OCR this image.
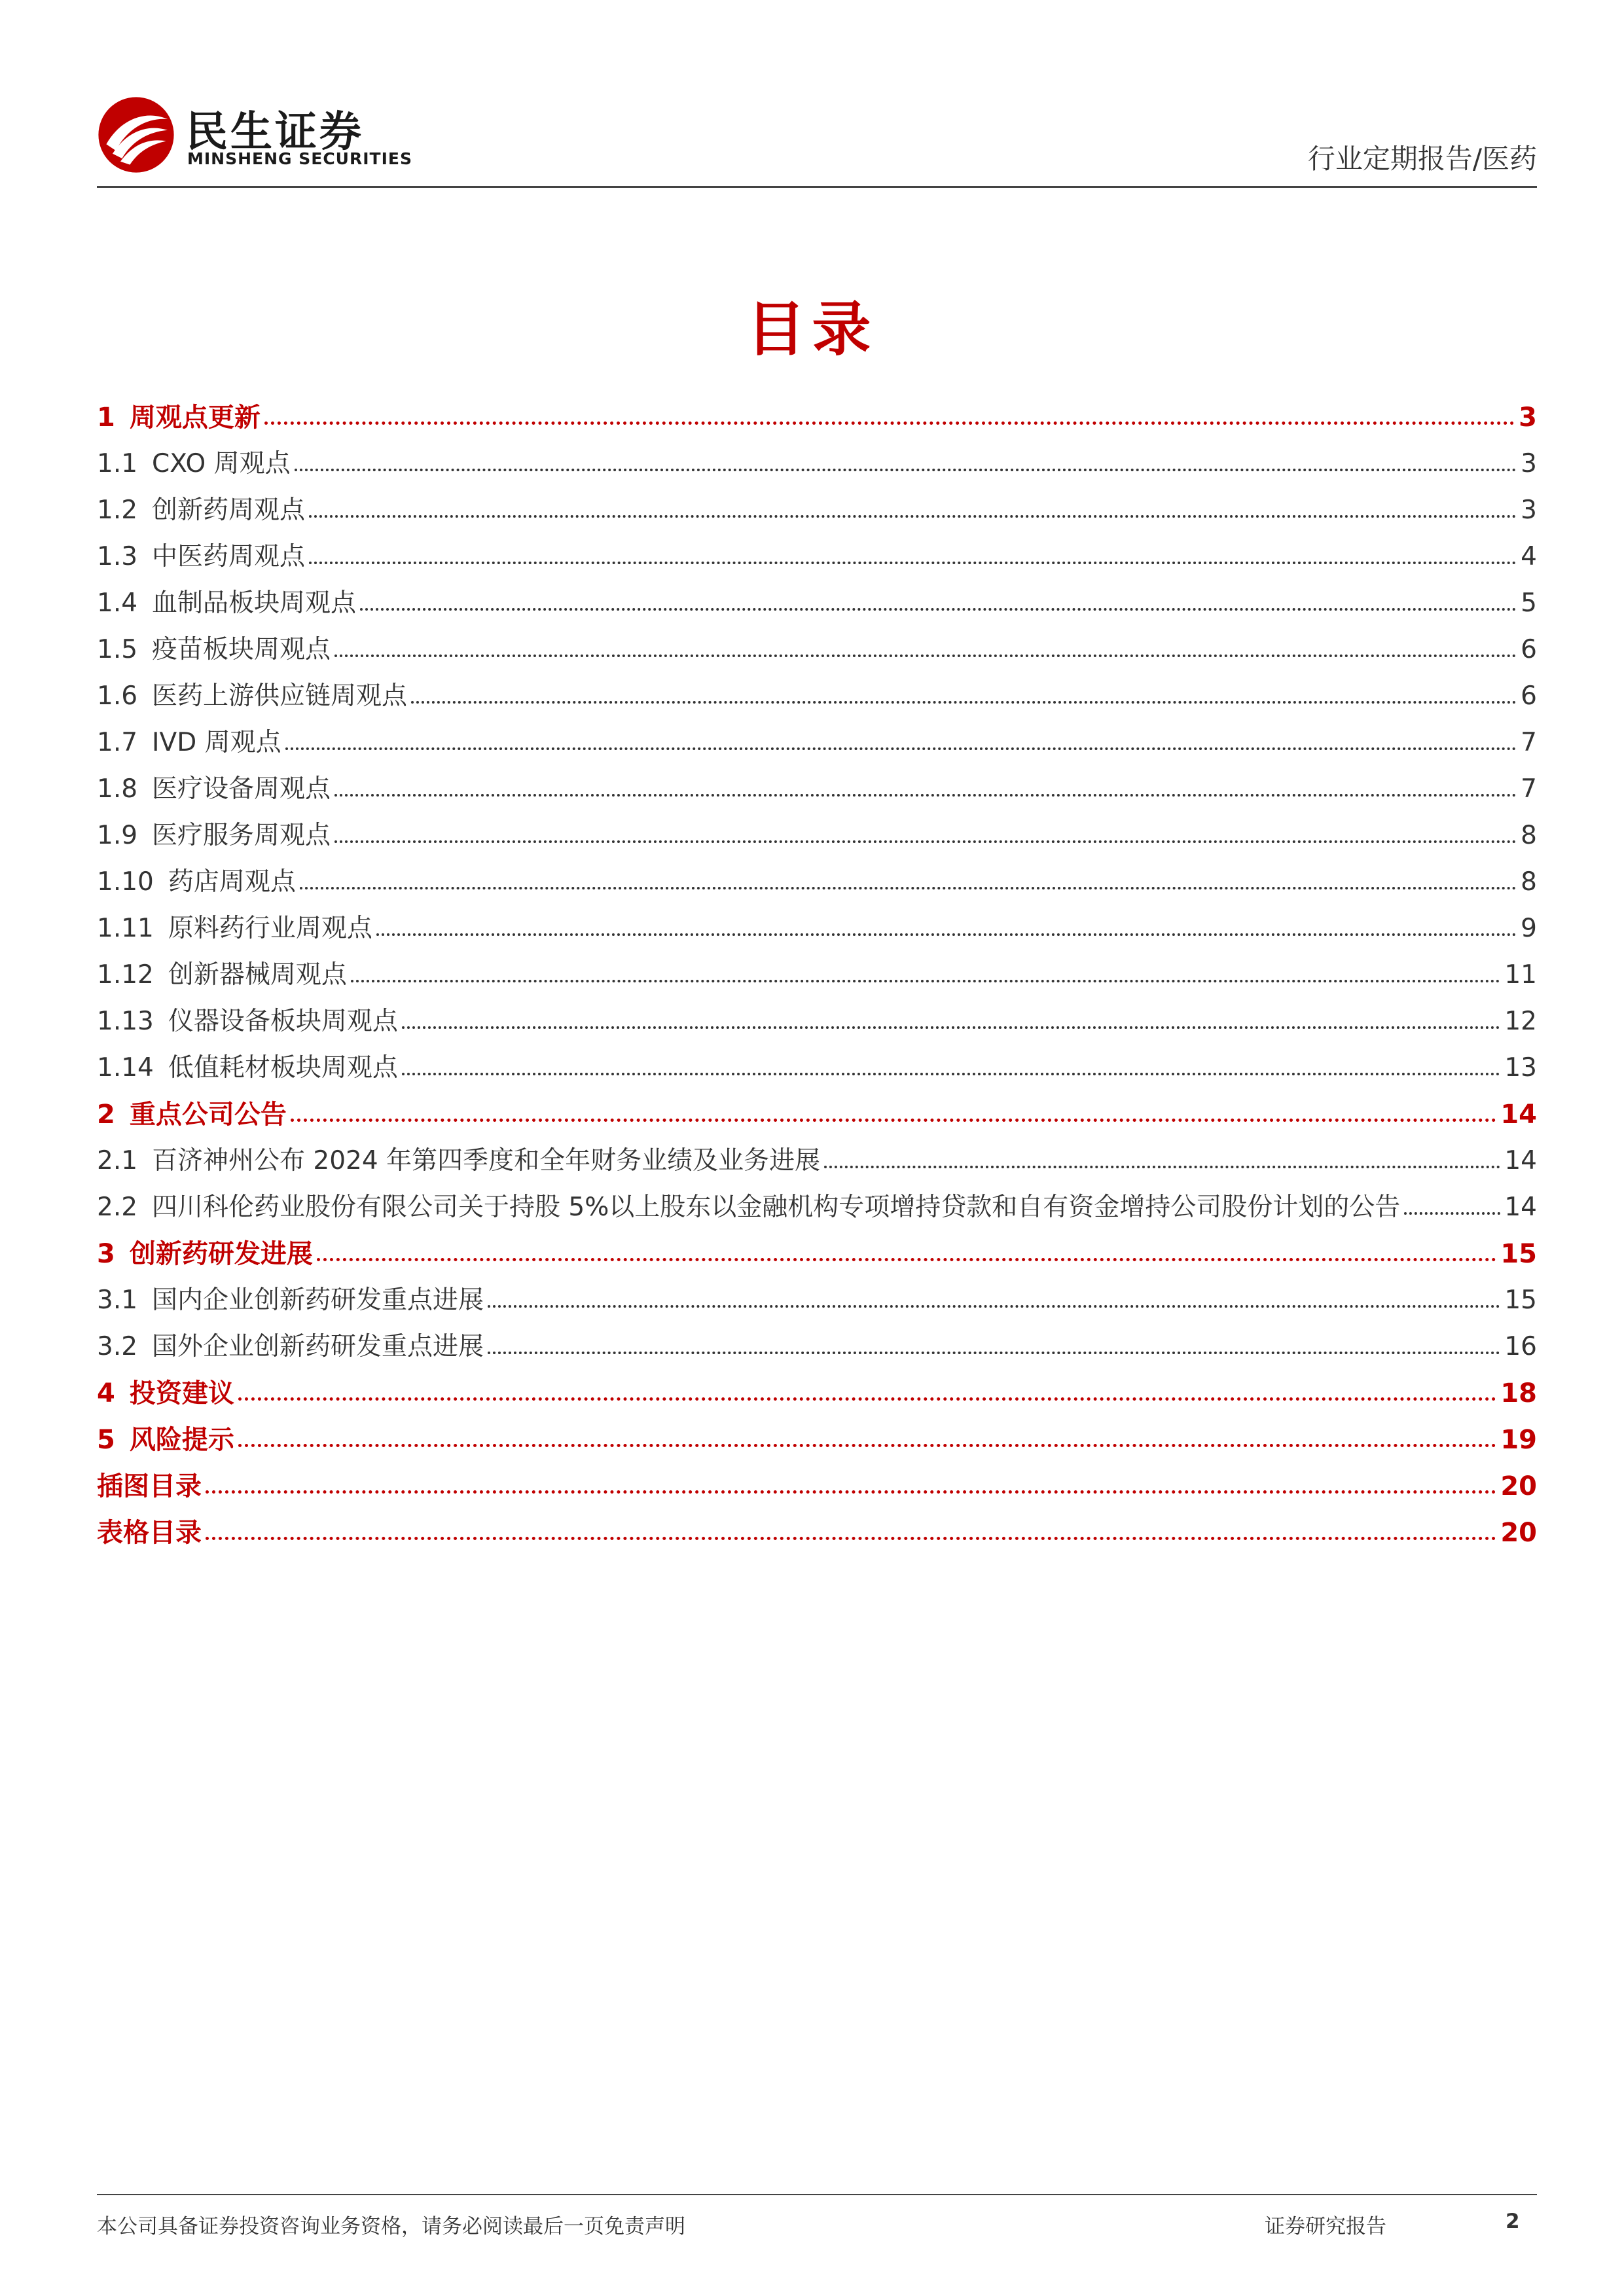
民生证券
MINSHENG SECURITIES	行业定期报告/医药
目录
1 周观点更新	3
1.1 CXO 周观点	3
1.2 创新药周观点	3
1.3 中医药周观点	4
1.4 血制品板块周观点	5
1.5 疫苗板块周观点	6
1.6 医药上游供应链周观点	6
1.7 IVD 周观点	7
1.8 医疗设备周观点	7
1.9 医疗服务周观点	8
1.10 药店周观点	8
1.11 原料药行业周观点	9
1.12 创新器械周观点	11
1.13 仪器设备板块周观点	12
1.14 低值耗材板块周观点	13
2 重点公司公告	14
2.1 百济神州公布 2024 年第四季度和全年财务业绩及业务进展	14
2.2 四川科伦药业股份有限公司关于持股 5%以上股东以金融机构专项增持贷款和自有资金增持公司股份计划的公告	14
3 创新药研发进展	15
3.1 国内企业创新药研发重点进展	15
3.2 国外企业创新药研发重点进展	16
4 投资建议	18
5 风险提示	19
插图目录	20
表格目录	20
本公司具备证券投资咨询业务资格，请务必阅读最后一页免责声明	证券研究报告	2
